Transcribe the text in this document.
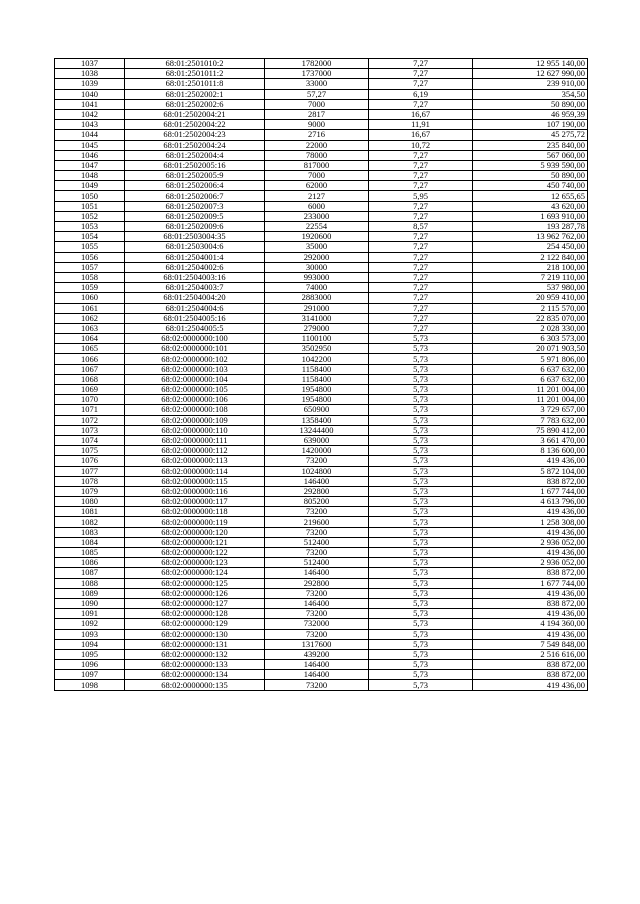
1037	68:01:2501010:2	1782000	7,27	12 955 140,00
1038	68:01:2501011:2	1737000	7,27	12 627 990,00
1039	68:01:2501011:8	33000	7,27	239 910,00
1040	68:01:2502002:1	57,27	6,19	354,50
1041	68:01:2502002:6	7000	7,27	50 890,00
1042	68:01:2502004:21	2817	16,67	46 959,39
1043	68:01:2502004:22	9000	11,91	107 190,00
1044	68:01:2502004:23	2716	16,67	45 275,72
1045	68:01:2502004:24	22000	10,72	235 840,00
1046	68:01:2502004:4	78000	7,27	567 060,00
1047	68:01:2502005:16	817000	7,27	5 939 590,00
1048	68:01:2502005:9	7000	7,27	50 890,00
1049	68:01:2502006:4	62000	7,27	450 740,00
1050	68:01:2502006:7	2127	5,95	12 655,65
1051	68:01:2502007:3	6000	7,27	43 620,00
1052	68:01:2502009:5	233000	7,27	1 693 910,00
1053	68:01:2502009:6	22554	8,57	193 287,78
1054	68:01:2503004:35	1920600	7,27	13 962 762,00
1055	68:01:2503004:6	35000	7,27	254 450,00
1056	68:01:2504001:4	292000	7,27	2 122 840,00
1057	68:01:2504002:6	30000	7,27	218 100,00
1058	68:01:2504003:16	993000	7,27	7 219 110,00
1059	68:01:2504003:7	74000	7,27	537 980,00
1060	68:01:2504004:20	2883000	7,27	20 959 410,00
1061	68:01:2504004:6	291000	7,27	2 115 570,00
1062	68:01:2504005:16	3141000	7,27	22 835 070,00
1063	68:01:2504005:5	279000	7,27	2 028 330,00
1064	68:02:0000000:100	1100100	5,73	6 303 573,00
1065	68:02:0000000:101	3502950	5,73	20 071 903,50
1066	68:02:0000000:102	1042200	5,73	5 971 806,00
1067	68:02:0000000:103	1158400	5,73	6 637 632,00
1068	68:02:0000000:104	1158400	5,73	6 637 632,00
1069	68:02:0000000:105	1954800	5,73	11 201 004,00
1070	68:02:0000000:106	1954800	5,73	11 201 004,00
1071	68:02:0000000:108	650900	5,73	3 729 657,00
1072	68:02:0000000:109	1358400	5,73	7 783 632,00
1073	68:02:0000000:110	13244400	5,73	75 890 412,00
1074	68:02:0000000:111	639000	5,73	3 661 470,00
1075	68:02:0000000:112	1420000	5,73	8 136 600,00
1076	68:02:0000000:113	73200	5,73	419 436,00
1077	68:02:0000000:114	1024800	5,73	5 872 104,00
1078	68:02:0000000:115	146400	5,73	838 872,00
1079	68:02:0000000:116	292800	5,73	1 677 744,00
1080	68:02:0000000:117	805200	5,73	4 613 796,00
1081	68:02:0000000:118	73200	5,73	419 436,00
1082	68:02:0000000:119	219600	5,73	1 258 308,00
1083	68:02:0000000:120	73200	5,73	419 436,00
1084	68:02:0000000:121	512400	5,73	2 936 052,00
1085	68:02:0000000:122	73200	5,73	419 436,00
1086	68:02:0000000:123	512400	5,73	2 936 052,00
1087	68:02:0000000:124	146400	5,73	838 872,00
1088	68:02:0000000:125	292800	5,73	1 677 744,00
1089	68:02:0000000:126	73200	5,73	419 436,00
1090	68:02:0000000:127	146400	5,73	838 872,00
1091	68:02:0000000:128	73200	5,73	419 436,00
1092	68:02:0000000:129	732000	5,73	4 194 360,00
1093	68:02:0000000:130	73200	5,73	419 436,00
1094	68:02:0000000:131	1317600	5,73	7 549 848,00
1095	68:02:0000000:132	439200	5,73	2 516 616,00
1096	68:02:0000000:133	146400	5,73	838 872,00
1097	68:02:0000000:134	146400	5,73	838 872,00
1098	68:02:0000000:135	73200	5,73	419 436,00
